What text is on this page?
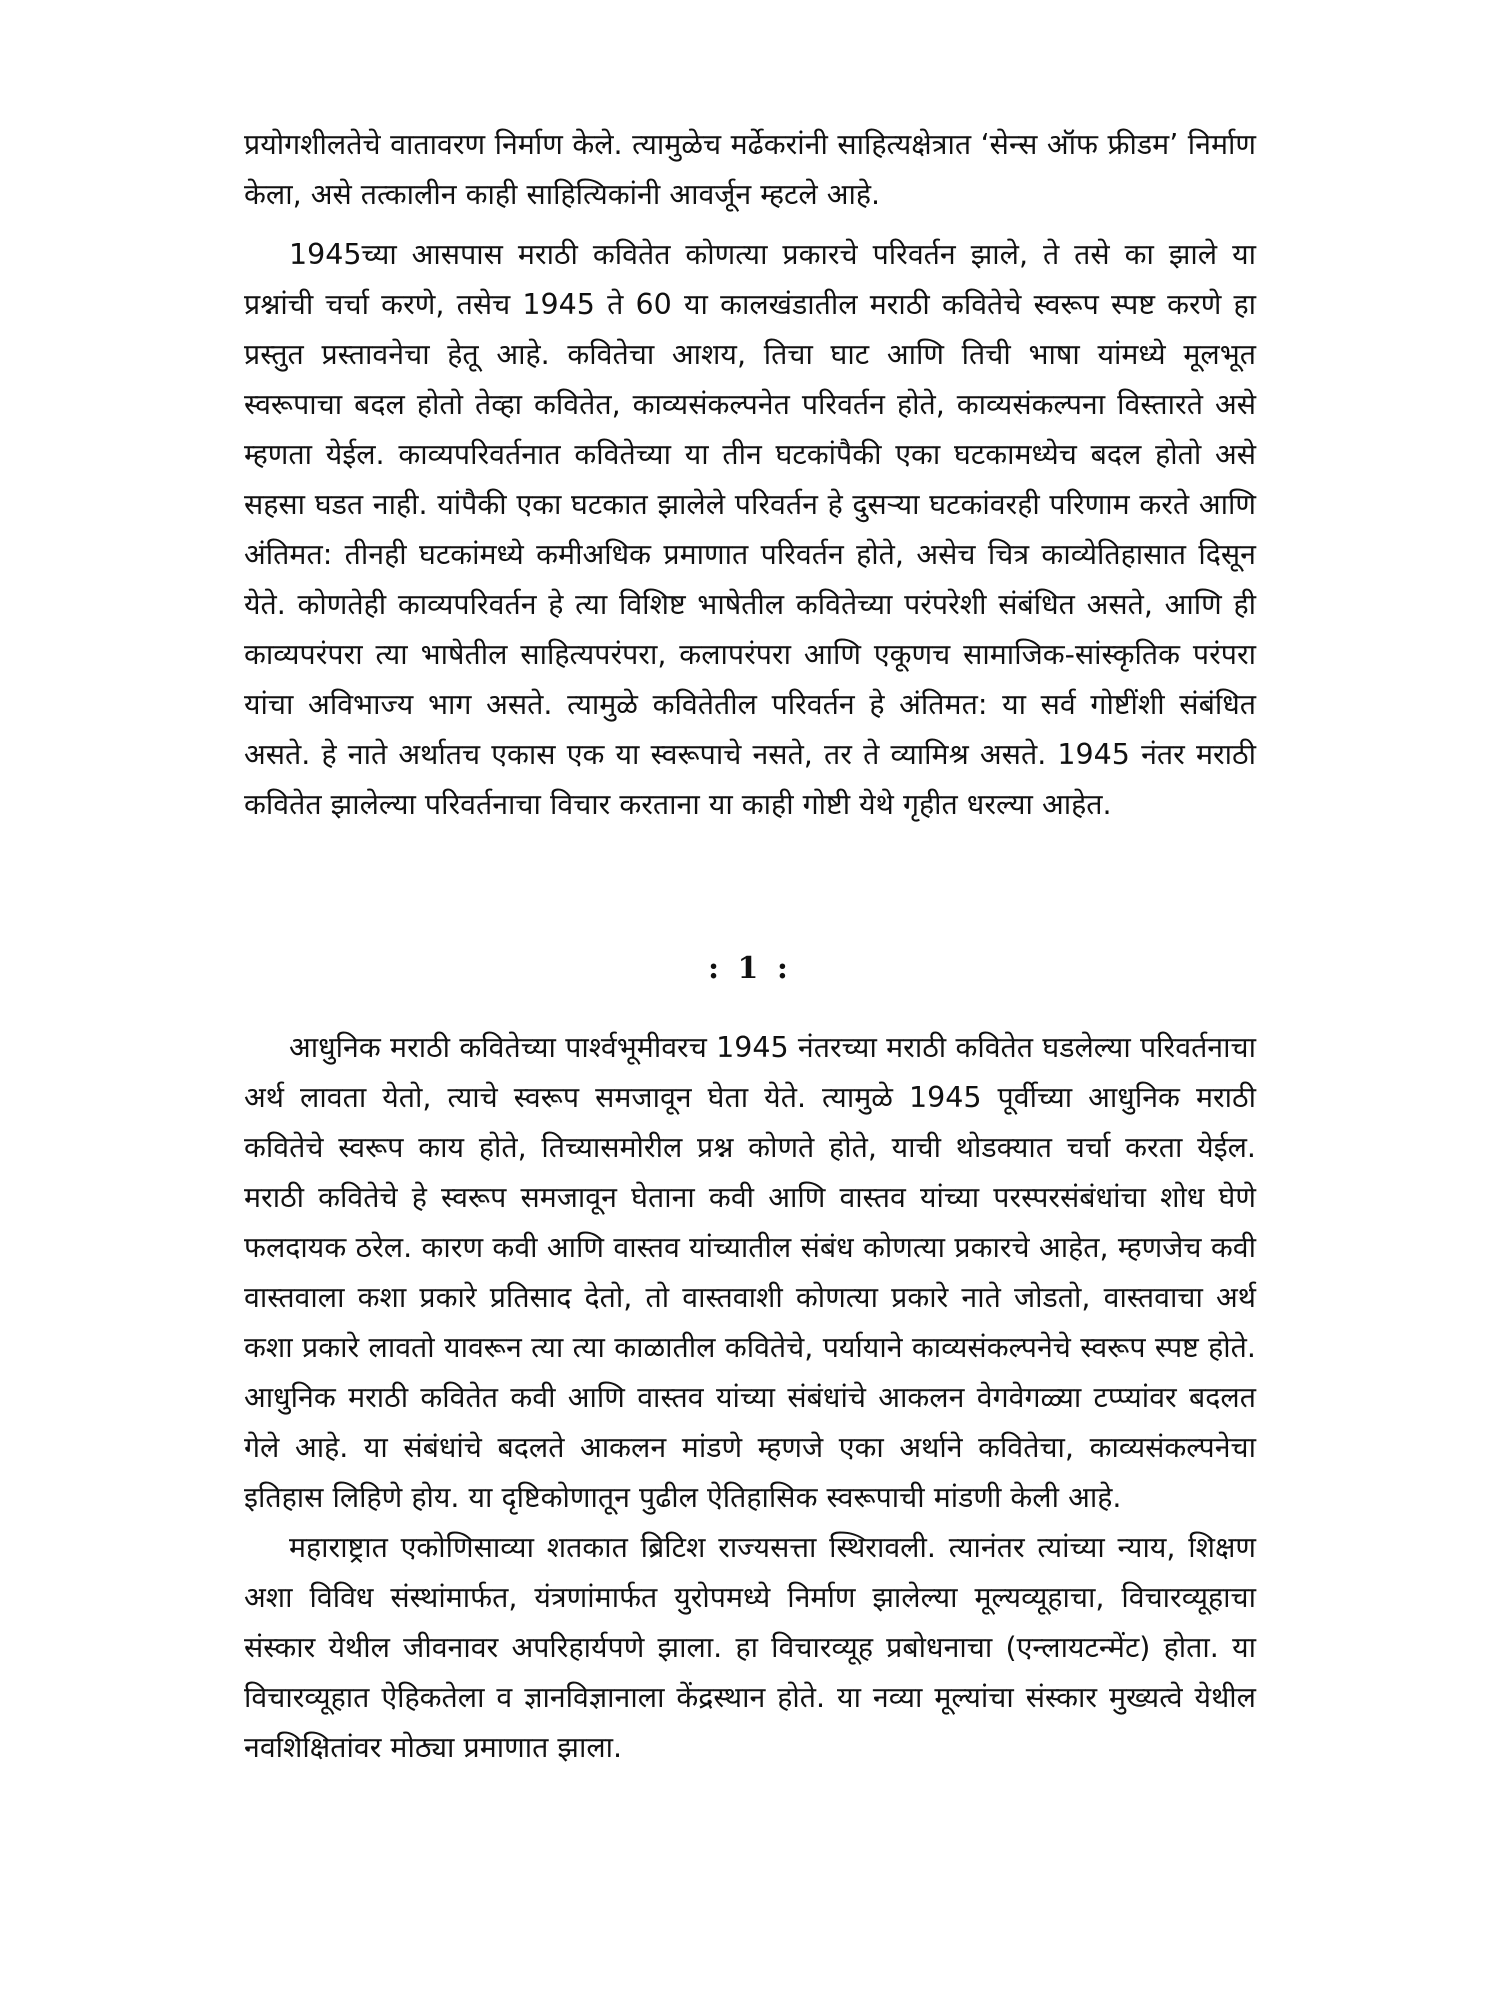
प्रयोगशीलतेचे वातावरण निर्माण केले. त्यामुळेच मर्ढेकरांनी साहित्यक्षेत्रात ‘सेन्स ऑफ फ्रीडम’ निर्माण केला, असे तत्कालीन काही साहित्यिकांनी आवर्जून म्हटले आहे.

1945च्या आसपास मराठी कवितेत कोणत्या प्रकारचे परिवर्तन झाले, ते तसे का झाले या प्रश्नांची चर्चा करणे, तसेच 1945 ते 60 या कालखंडातील मराठी कवितेचे स्वरूप स्पष्ट करणे हा प्रस्तुत प्रस्तावनेचा हेतू आहे. कवितेचा आशय, तिचा घाट आणि तिची भाषा यांमध्ये मूलभूत स्वरूपाचा बदल होतो तेव्हा कवितेत, काव्यसंकल्पनेत परिवर्तन होते, काव्यसंकल्पना विस्तारते असे म्हणता येईल. काव्यपरिवर्तनात कवितेच्या या तीन घटकांपैकी एका घटकामध्येच बदल होतो असे सहसा घडत नाही. यांपैकी एका घटकात झालेले परिवर्तन हे दुसऱ्या घटकांवरही परिणाम करते आणि अंतिमत: तीनही घटकांमध्ये कमीअधिक प्रमाणात परिवर्तन होते, असेच चित्र काव्येतिहासात दिसून येते. कोणतेही काव्यपरिवर्तन हे त्या विशिष्ट भाषेतील कवितेच्या परंपरेशी संबंधित असते, आणि ही काव्यपरंपरा त्या भाषेतील साहित्यपरंपरा, कलापरंपरा आणि एकूणच सामाजिक-सांस्कृतिक परंपरा यांचा अविभाज्य भाग असते. त्यामुळे कवितेतील परिवर्तन हे अंतिमत: या सर्व गोष्टींशी संबंधित असते. हे नाते अर्थातच एकास एक या स्वरूपाचे नसते, तर ते व्यामिश्र असते. 1945 नंतर मराठी कवितेत झालेल्या परिवर्तनाचा विचार करताना या काही गोष्टी येथे गृहीत धरल्या आहेत.

: 1 :

आधुनिक मराठी कवितेच्या पार्श्वभूमीवरच 1945 नंतरच्या मराठी कवितेत घडलेल्या परिवर्तनाचा अर्थ लावता येतो, त्याचे स्वरूप समजावून घेता येते. त्यामुळे 1945 पूर्वीच्या आधुनिक मराठी कवितेचे स्वरूप काय होते, तिच्यासमोरील प्रश्न कोणते होते, याची थोडक्यात चर्चा करता येईल. मराठी कवितेचे हे स्वरूप समजावून घेताना कवी आणि वास्तव यांच्या परस्परसंबंधांचा शोध घेणे फलदायक ठरेल. कारण कवी आणि वास्तव यांच्यातील संबंध कोणत्या प्रकारचे आहेत, म्हणजेच कवी वास्तवाला कशा प्रकारे प्रतिसाद देतो, तो वास्तवाशी कोणत्या प्रकारे नाते जोडतो, वास्तवाचा अर्थ कशा प्रकारे लावतो यावरून त्या त्या काळातील कवितेचे, पर्यायाने काव्यसंकल्पनेचे स्वरूप स्पष्ट होते. आधुनिक मराठी कवितेत कवी आणि वास्तव यांच्या संबंधांचे आकलन वेगवेगळ्या टप्प्यांवर बदलत गेले आहे. या संबंधांचे बदलते आकलन मांडणे म्हणजे एका अर्थाने कवितेचा, काव्यसंकल्पनेचा इतिहास लिहिणे होय. या दृष्टिकोणातून पुढील ऐतिहासिक स्वरूपाची मांडणी केली आहे.

महाराष्ट्रात एकोणिसाव्या शतकात ब्रिटिश राज्यसत्ता स्थिरावली. त्यानंतर त्यांच्या न्याय, शिक्षण अशा विविध संस्थांमार्फत, यंत्रणांमार्फत युरोपमध्ये निर्माण झालेल्या मूल्यव्यूहाचा, विचारव्यूहाचा संस्कार येथील जीवनावर अपरिहार्यपणे झाला. हा विचारव्यूह प्रबोधनाचा (एन्लायटन्मेंट) होता. या विचारव्यूहात ऐहिकतेला व ज्ञानविज्ञानाला केंद्रस्थान होते. या नव्या मूल्यांचा संस्कार मुख्यत्वे येथील नवशिक्षितांवर मोठ्या प्रमाणात झाला.
